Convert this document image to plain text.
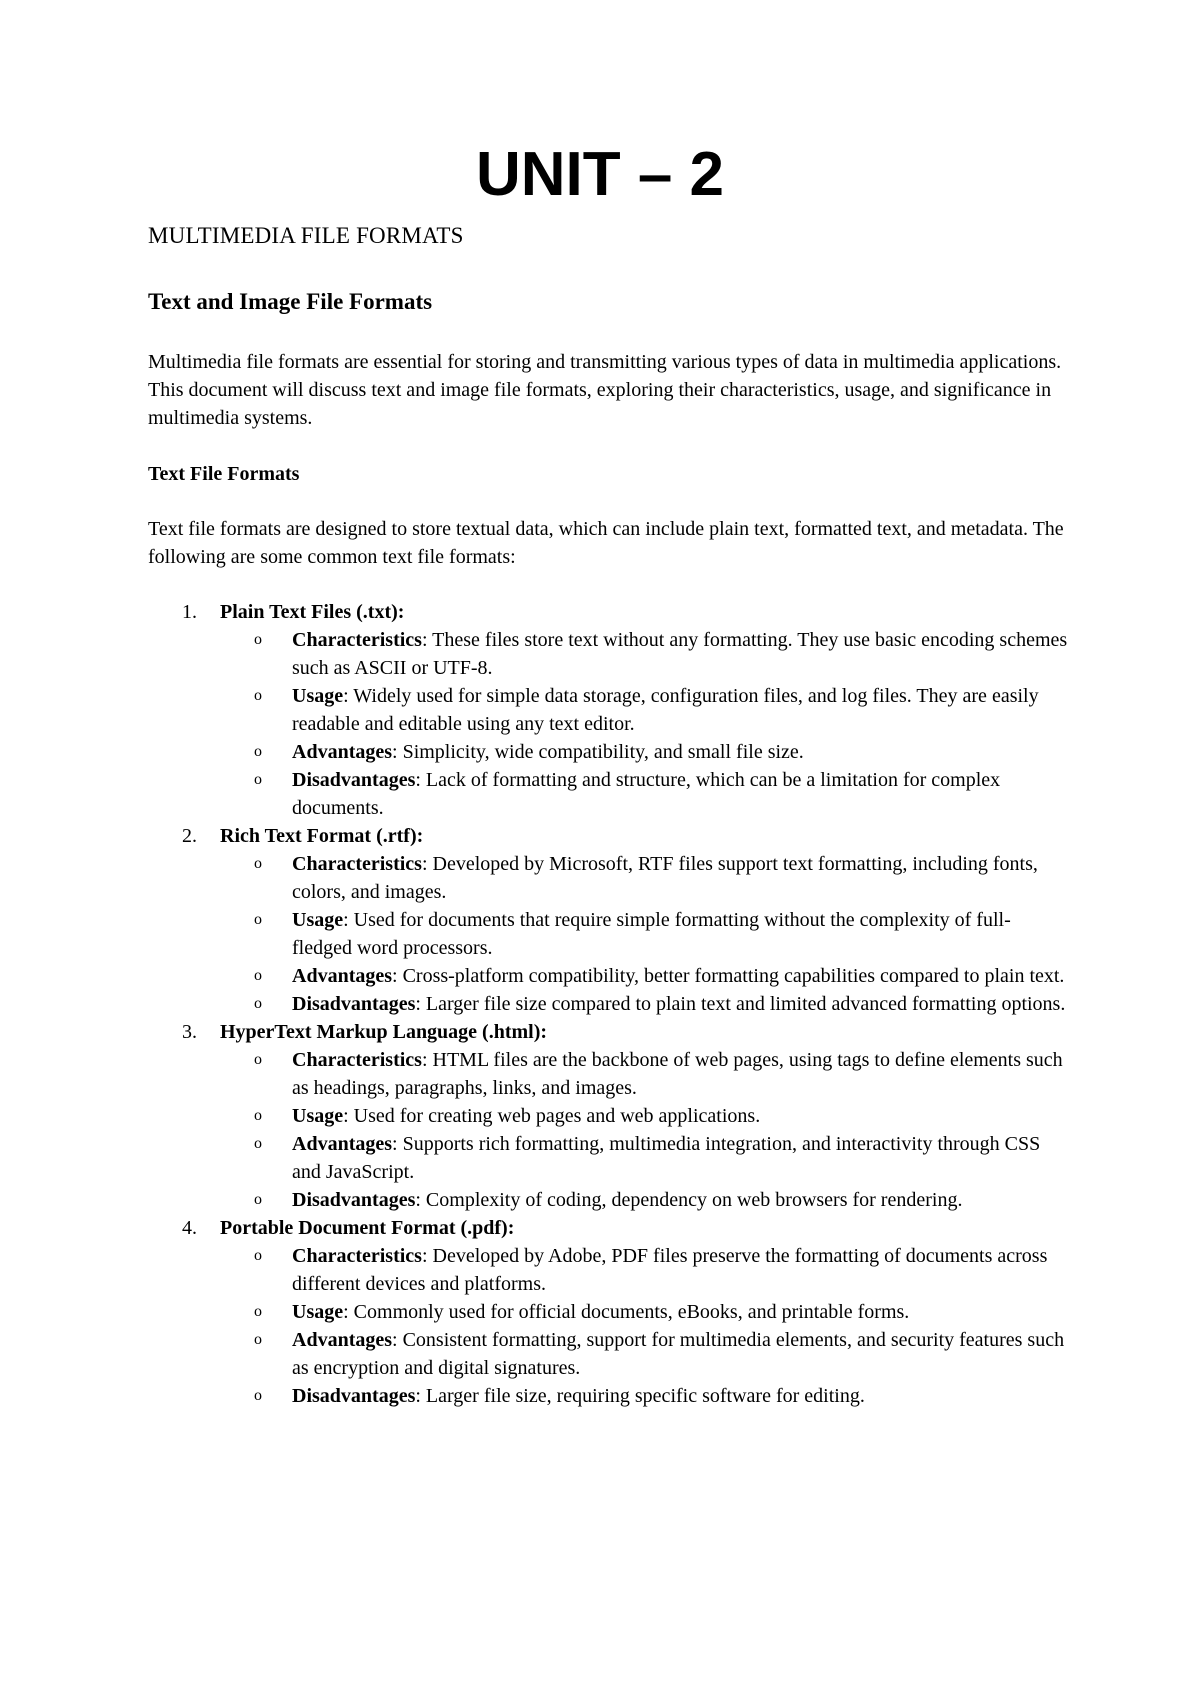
UNIT – 2
MULTIMEDIA FILE FORMATS
Text and Image File Formats

Multimedia file formats are essential for storing and transmitting various types of data in multimedia applications. This document will discuss text and image file formats, exploring their characteristics, usage, and significance in multimedia systems.

Text File Formats

Text file formats are designed to store textual data, which can include plain text, formatted text, and metadata. The following are some common text file formats:

1. Plain Text Files (.txt):
o Characteristics: These files store text without any formatting. They use basic encoding schemes such as ASCII or UTF-8.
o Usage: Widely used for simple data storage, configuration files, and log files. They are easily readable and editable using any text editor.
o Advantages: Simplicity, wide compatibility, and small file size.
o Disadvantages: Lack of formatting and structure, which can be a limitation for complex documents.
2. Rich Text Format (.rtf):
o Characteristics: Developed by Microsoft, RTF files support text formatting, including fonts, colors, and images.
o Usage: Used for documents that require simple formatting without the complexity of full-fledged word processors.
o Advantages: Cross-platform compatibility, better formatting capabilities compared to plain text.
o Disadvantages: Larger file size compared to plain text and limited advanced formatting options.
3. HyperText Markup Language (.html):
o Characteristics: HTML files are the backbone of web pages, using tags to define elements such as headings, paragraphs, links, and images.
o Usage: Used for creating web pages and web applications.
o Advantages: Supports rich formatting, multimedia integration, and interactivity through CSS and JavaScript.
o Disadvantages: Complexity of coding, dependency on web browsers for rendering.
4. Portable Document Format (.pdf):
o Characteristics: Developed by Adobe, PDF files preserve the formatting of documents across different devices and platforms.
o Usage: Commonly used for official documents, eBooks, and printable forms.
o Advantages: Consistent formatting, support for multimedia elements, and security features such as encryption and digital signatures.
o Disadvantages: Larger file size, requiring specific software for editing.
